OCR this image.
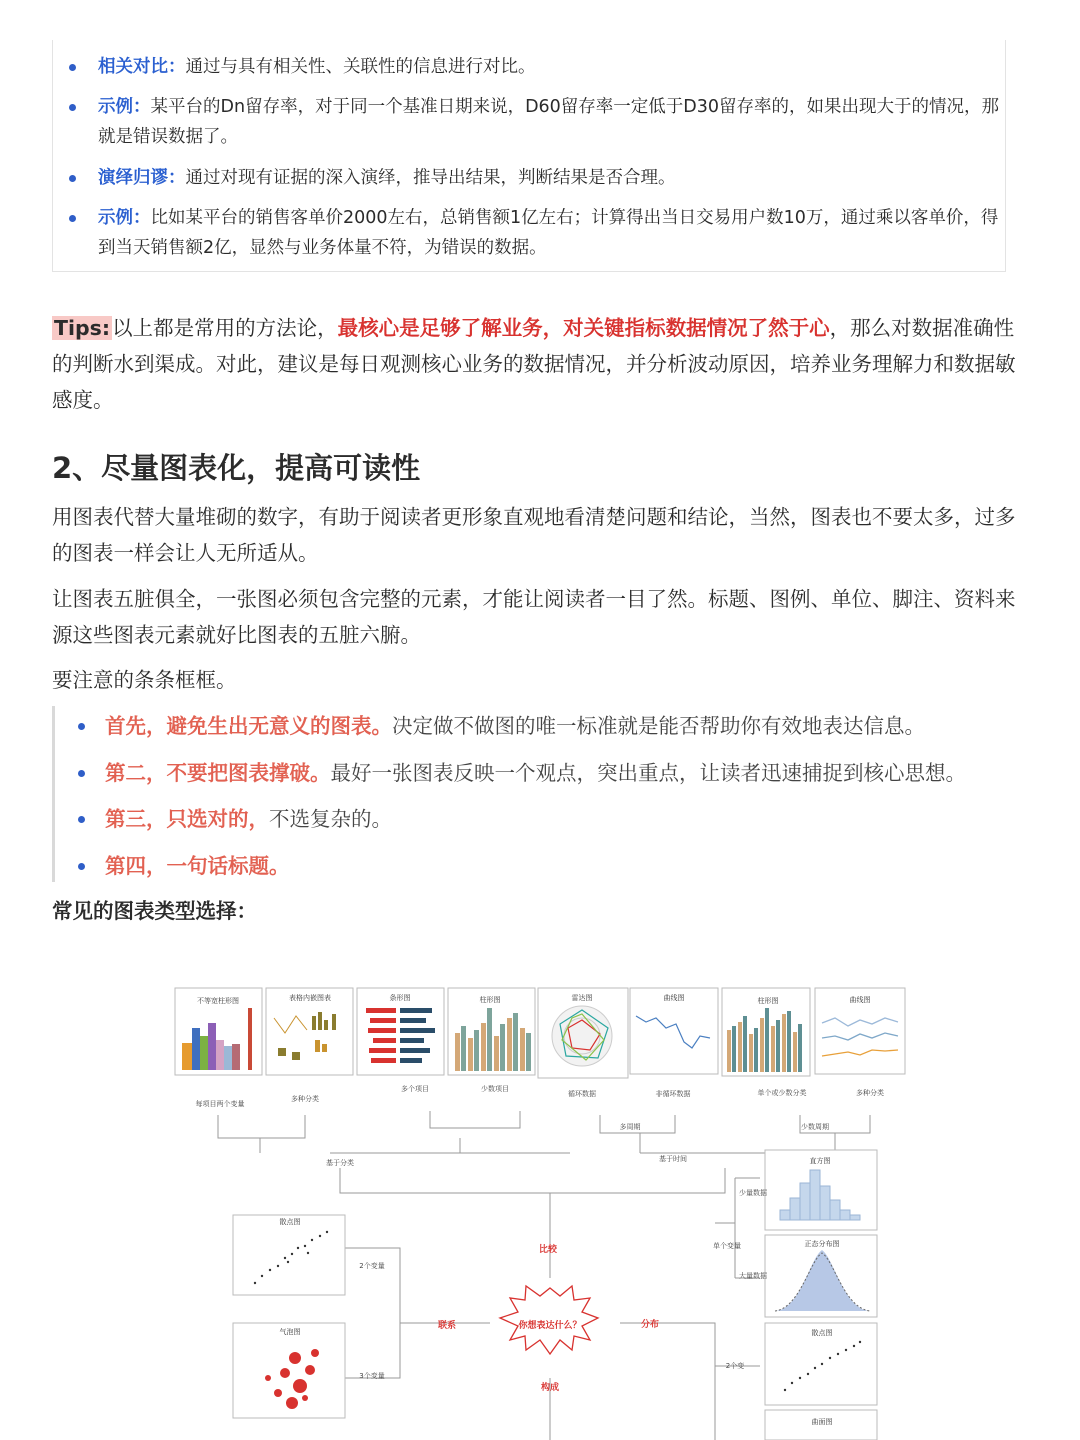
相关对比：通过与具有相关性、关联性的信息进行对比。
示例：某平台的Dn留存率，对于同一个基准日期来说，D60留存率一定低于D30留存率的，如果出现大于的情况，那就是错误数据了。
演绎归谬：通过对现有证据的深入演绎，推导出结果，判断结果是否合理。
示例：比如某平台的销售客单价2000左右，总销售额1亿左右；计算得出当日交易用户数10万，通过乘以客单价，得到当天销售额2亿，显然与业务体量不符，为错误的数据。
Tips:以上都是常用的方法论，最核心是足够了解业务，对关键指标数据情况了然于心，那么对数据准确性的判断水到渠成。对此，建议是每日观测核心业务的数据情况，并分析波动原因，培养业务理解力和数据敏感度。
2、尽量图表化，提高可读性
用图表代替大量堆砌的数字，有助于阅读者更形象直观地看清楚问题和结论，当然，图表也不要太多，过多的图表一样会让人无所适从。
让图表五脏俱全，一张图必须包含完整的元素，才能让阅读者一目了然。标题、图例、单位、脚注、资料来源这些图表元素就好比图表的五脏六腑。
要注意的条条框框。
首先，避免生出无意义的图表。决定做不做图的唯一标准就是能否帮助你有效地表达信息。
第二，不要把图表撑破。最好一张图表反映一个观点，突出重点，让读者迅速捕捉到核心思想。
第三，只选对的，不选复杂的。
第四，一句话标题。
常见的图表类型选择：
不等宽柱形图	表格内嵌图表	条形图	柱形图	雷达图	曲线图	柱形图	曲线图
每项目两个变量
多种分类
多个项目	少数项目
循环数据	非循环数据	单个或少数分类	多种分类
多周期	少数周期
基于分类	基于时间
散点图
气泡图
2个变量
3个变量
直方图
正态分布图
散点图
曲面图
少量数据
大量数据
单个变量
2个变
你想表达什么？
比较
联系	分布
构成
